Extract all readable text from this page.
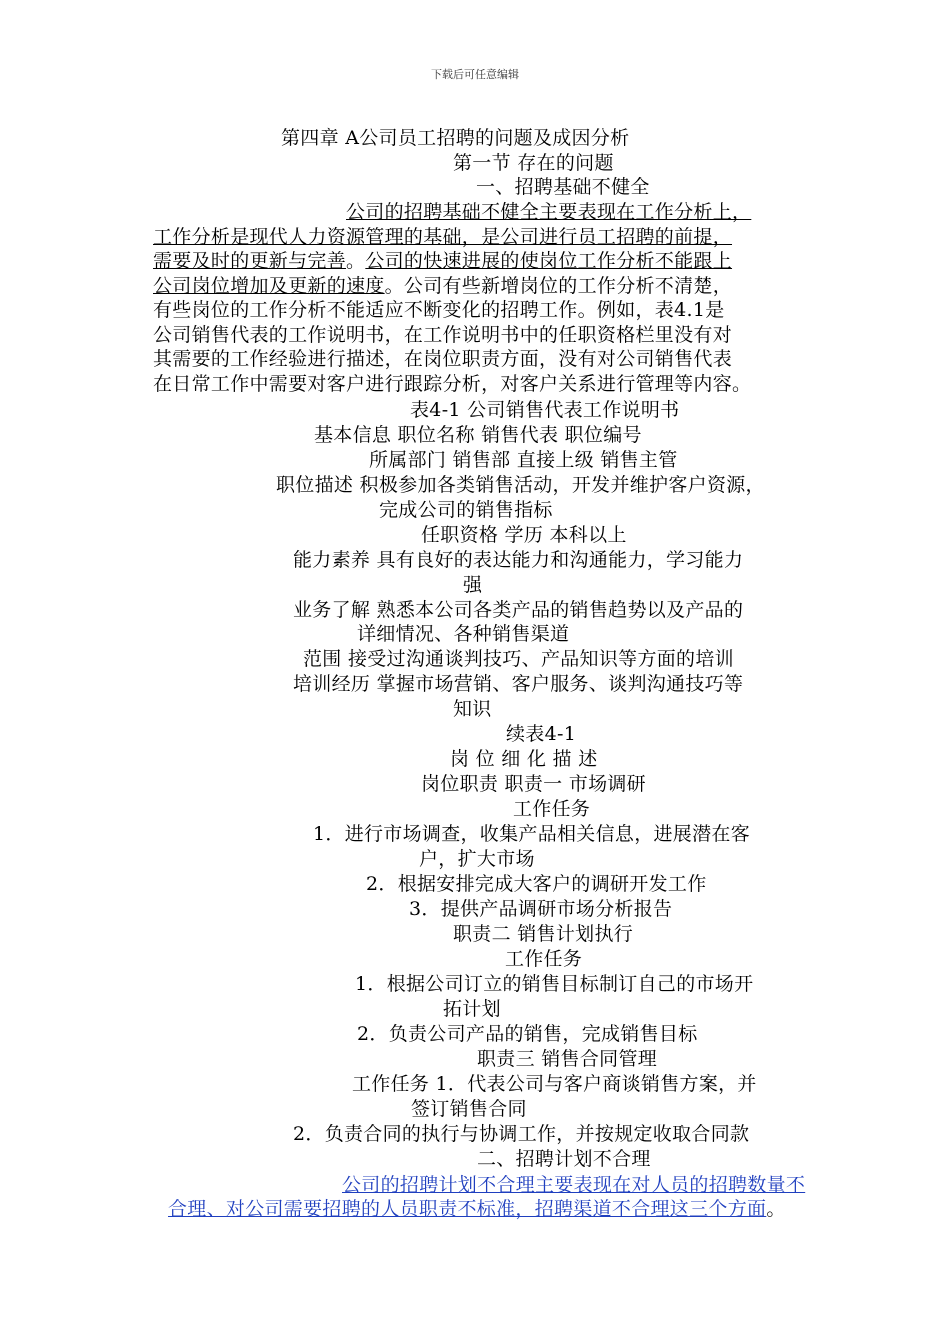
下载后可任意编辑
第四章 A公司员工招聘的问题及成因分析
第一节 存在的问题
一、招聘基础不健全
公司的招聘基础不健全主要表现在工作分析上，
工作分析是现代人力资源管理的基础，是公司进行员工招聘的前提，
需要及时的更新与完善。公司的快速进展的使岗位工作分析不能跟上
公司岗位增加及更新的速度。公司有些新增岗位的工作分析不清楚，
有些岗位的工作分析不能适应不断变化的招聘工作。例如，表4.1是
公司销售代表的工作说明书，在工作说明书中的任职资格栏里没有对
其需要的工作经验进行描述，在岗位职责方面，没有对公司销售代表
在日常工作中需要对客户进行跟踪分析，对客户关系进行管理等内容。
表4-1 公司销售代表工作说明书
基本信息 职位名称 销售代表 职位编号
所属部门 销售部 直接上级 销售主管
职位描述 积极参加各类销售活动，开发并维护客户资源，
完成公司的销售指标
任职资格 学历 本科以上
能力素养 具有良好的表达能力和沟通能力，学习能力
强
业务了解 熟悉本公司各类产品的销售趋势以及产品的
详细情况、各种销售渠道
范围 接受过沟通谈判技巧、产品知识等方面的培训
培训经历 掌握市场营销、客户服务、谈判沟通技巧等
知识
续表4-1
岗 位 细 化 描 述
岗位职责 职责一 市场调研
工作任务
1．进行市场调查，收集产品相关信息，进展潜在客
户，扩大市场
2．根据安排完成大客户的调研开发工作
3．提供产品调研市场分析报告
职责二 销售计划执行
工作任务
1．根据公司订立的销售目标制订自己的市场开
拓计划
2．负责公司产品的销售，完成销售目标
职责三 销售合同管理
工作任务 1．代表公司与客户商谈销售方案，并
签订销售合同
2．负责合同的执行与协调工作，并按规定收取合同款
二、招聘计划不合理
公司的招聘计划不合理主要表现在对人员的招聘数量不
合理、对公司需要招聘的人员职责不标准，招聘渠道不合理这三个方面。
